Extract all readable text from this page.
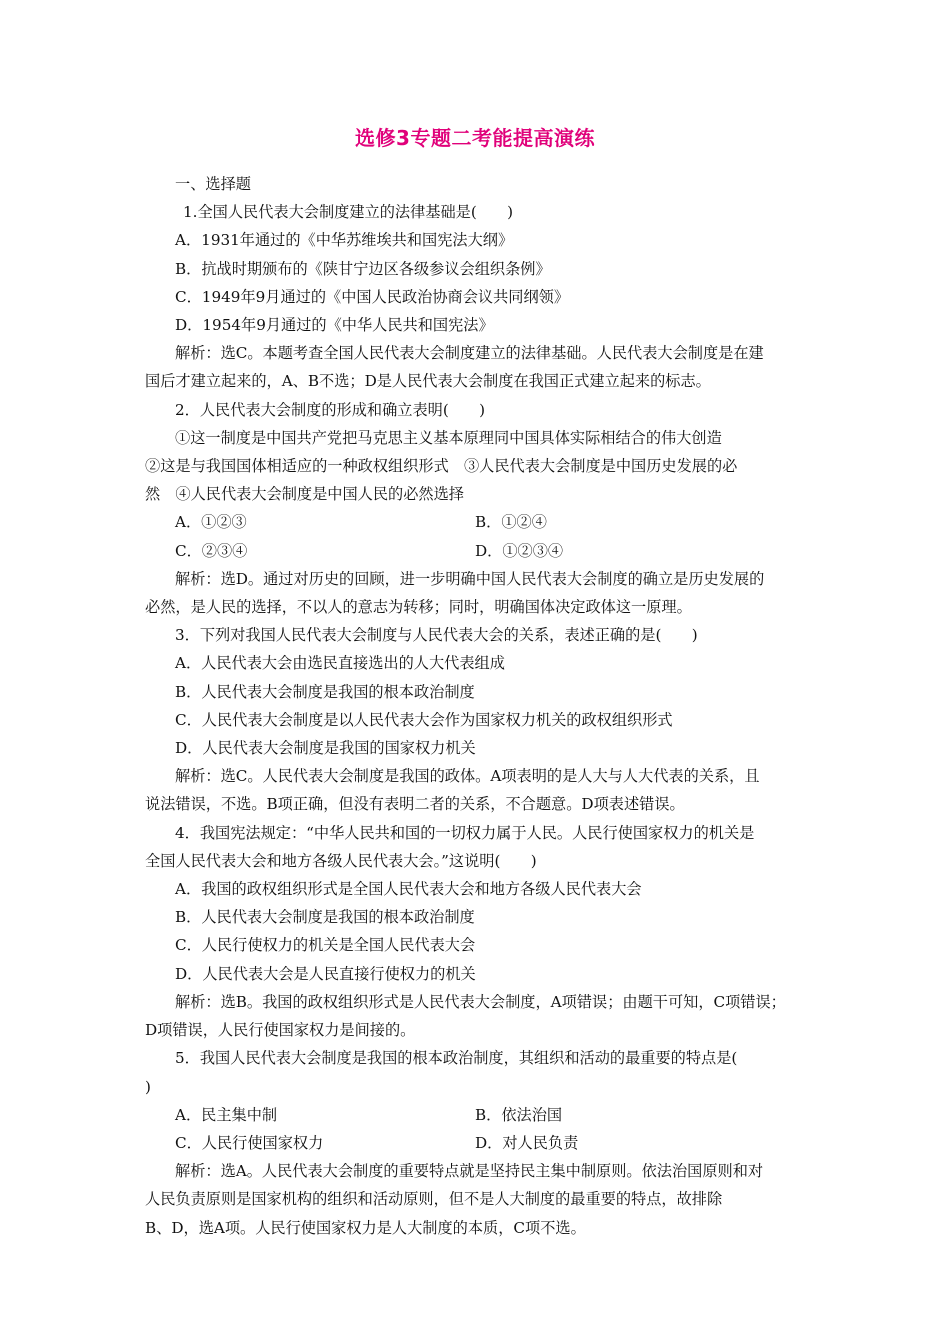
选修3专题二考能提高演练

一、选择题

1.全国人民代表大会制度建立的法律基础是(　　)

A．1931年通过的《中华苏维埃共和国宪法大纲》

B．抗战时期颁布的《陕甘宁边区各级参议会组织条例》

C．1949年9月通过的《中国人民政治协商会议共同纲领》

D．1954年9月通过的《中华人民共和国宪法》

解析：选C。本题考查全国人民代表大会制度建立的法律基础。人民代表大会制度是在建

国后才建立起来的，A、B不选；D是人民代表大会制度在我国正式建立起来的标志。

2．人民代表大会制度的形成和确立表明(　　)

①这一制度是中国共产党把马克思主义基本原理同中国具体实际相结合的伟大创造

②这是与我国国体相适应的一种政权组织形式　③人民代表大会制度是中国历史发展的必

然　④人民代表大会制度是中国人民的必然选择

A．①②③	B．①②④

C．②③④	D．①②③④

解析：选D。通过对历史的回顾，进一步明确中国人民代表大会制度的确立是历史发展的

必然，是人民的选择，不以人的意志为转移；同时，明确国体决定政体这一原理。

3．下列对我国人民代表大会制度与人民代表大会的关系，表述正确的是(　　)

A．人民代表大会由选民直接选出的人大代表组成

B．人民代表大会制度是我国的根本政治制度

C．人民代表大会制度是以人民代表大会作为国家权力机关的政权组织形式

D．人民代表大会制度是我国的国家权力机关

解析：选C。人民代表大会制度是我国的政体。A项表明的是人大与人大代表的关系，且

说法错误，不选。B项正确，但没有表明二者的关系，不合题意。D项表述错误。

4．我国宪法规定：“中华人民共和国的一切权力属于人民。人民行使国家权力的机关是

全国人民代表大会和地方各级人民代表大会。”这说明(　　)

A．我国的政权组织形式是全国人民代表大会和地方各级人民代表大会

B．人民代表大会制度是我国的根本政治制度

C．人民行使权力的机关是全国人民代表大会

D．人民代表大会是人民直接行使权力的机关

解析：选B。我国的政权组织形式是人民代表大会制度，A项错误；由题干可知，C项错误；

D项错误，人民行使国家权力是间接的。

5．我国人民代表大会制度是我国的根本政治制度，其组织和活动的最重要的特点是(

)

A．民主集中制	B．依法治国

C．人民行使国家权力	D．对人民负责

解析：选A。人民代表大会制度的重要特点就是坚持民主集中制原则。依法治国原则和对

人民负责原则是国家机构的组织和活动原则，但不是人大制度的最重要的特点，故排除

B、D，选A项。人民行使国家权力是人大制度的本质，C项不选。
